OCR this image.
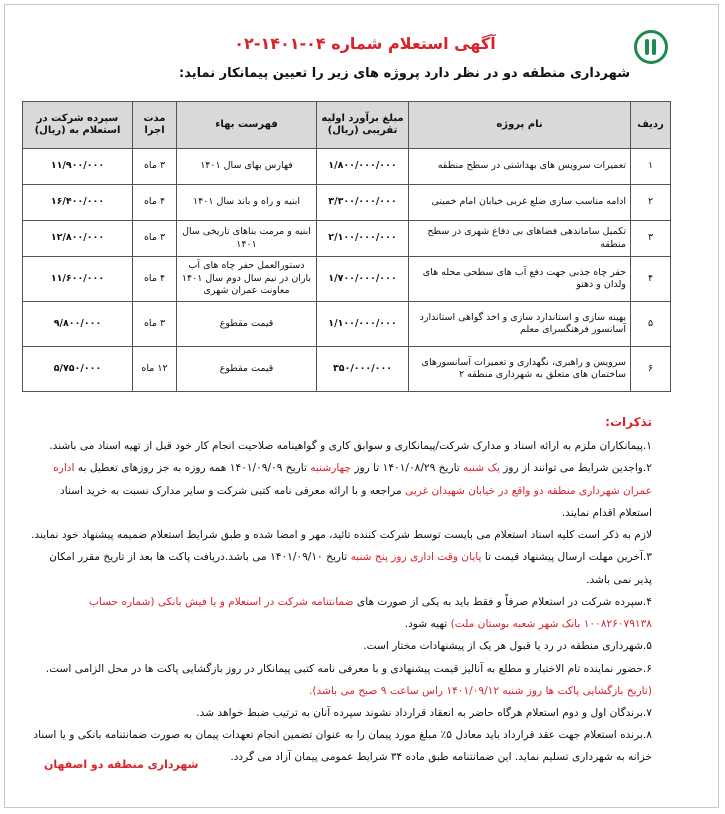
آگهی استعلام شماره ۰۴-۱۴۰۱-۰۲
شهرداری منطقه دو در نظر دارد پروژه های زیر را تعیین پیمانکار نماید:
ردیف	نام پروژه	مبلغ برآورد اولیه تقریبی (ریال)	فهرست بهاء	مدت اجرا	سپرده شرکت در استعلام به (ریال)
۱	تعمیرات سرویس های بهداشتی در سطح منطقه	۱/۸۰۰/۰۰۰/۰۰۰	فهارس بهای سال ۱۴۰۱	۳ ماه	۱۱/۹۰۰/۰۰۰
۲	ادامه مناسب سازی ضلع غربی خیابان امام خمینی	۳/۳۰۰/۰۰۰/۰۰۰	ابنیه و راه و باند سال ۱۴۰۱	۴ ماه	۱۶/۴۰۰/۰۰۰
۳	تکمیل ساماندهی فضاهای بی دفاع شهری در سطح منطقه	۲/۱۰۰/۰۰۰/۰۰۰	ابنیه و مرمت بناهای تاریخی سال ۱۴۰۱	۳ ماه	۱۲/۸۰۰/۰۰۰
۴	حفر چاه جذبی جهت دفع آب های سطحی محله های ولدان و دهنو	۱/۷۰۰/۰۰۰/۰۰۰	دستورالعمل حفر چاه های آب باران در نیم سال دوم سال ۱۴۰۱ معاونت عمران شهری	۴ ماه	۱۱/۶۰۰/۰۰۰
۵	بهینه سازی و استاندارد سازی و اخذ گواهی استاندارد آسانسور فرهنگسرای معلم	۱/۱۰۰/۰۰۰/۰۰۰	قیمت مقطوع	۳ ماه	۹/۸۰۰/۰۰۰
۶	سرویس و راهبری، نگهداری و تعمیرات آسانسورهای ساختمان های متعلق به شهرداری منطقه ۲	۳۵۰/۰۰۰/۰۰۰	قیمت مقطوع	۱۲ ماه	۵/۷۵۰/۰۰۰

تذکرات:

۱.پیمانکاران ملزم به ارائه اسناد و مدارک شرکت/پیمانکاری و سوابق کاری و گواهینامه صلاحیت انجام کار خود قبل از تهیه اسناد می باشند.

۲.واجدین شرایط می توانند از روز یک شنبه تاریخ ۱۴۰۱/۰۸/۲۹ تا روز چهارشنبه تاریخ ۱۴۰۱/۰۹/۰۹ همه روزه به جز روزهای تعطیل به اداره عمران شهرداری منطقه دو واقع در خیابان شهیدان غربی مراجعه و با ارائه معرفی نامه کتبی شرکت و سایر مدارک نسبت به خرید اسناد استعلام اقدام نمایند.

لازم به ذکر است کلیه اسناد استعلام می بایست توسط شرکت کننده تائید، مهر و امضا شده و طبق شرایط استعلام ضمیمه پیشنهاد خود نمایند.

۳.آخرین مهلت ارسال پیشنهاد قیمت تا پایان وقت اداری روز پنج شنبه تاریخ ۱۴۰۱/۰۹/۱۰ می باشد.دریافت پاکت ها بعد از تاریخ مقرر امکان پذیر نمی باشد.

۴.سپرده شرکت در استعلام صرفاً و فقط باید به یکی از صورت های ضمانتنامه شرکت در استعلام و یا فیش بانکی (شماره حساب ۱۰۰۸۲۶۰۷۹۱۳۸ بانک شهر شعبه بوستان ملت) تهیه شود.

۵.شهرداری منطقه در رد یا قبول هر یک از پیشنهادات مختار است.

۶.حضور نماینده تام الاختیار و مطلع به آنالیز قیمت پیشنهادی و با معرفی نامه کتبی پیمانکار در روز بازگشایی پاکت ها در محل الزامی است. (تاریخ بازگشایی پاکت ها روز شنبه ۱۴۰۱/۰۹/۱۲ راس ساعت ۹ صبح می باشد).

۷.برندگان اول و دوم استعلام هرگاه حاضر به انعقاد قرارداد نشوند سپرده آنان به ترتیب ضبط خواهد شد.

۸.برنده استعلام جهت عقد قرارداد باید معادل ۵٪ مبلغ مورد پیمان را به عنوان تضمین انجام تعهدات پیمان به صورت ضمانتنامه بانکی و یا اسناد خزانه به شهرداری تسلیم نماید. این ضمانتنامه طبق ماده ۳۴ شرایط عمومی پیمان آزاد می گردد.

شهرداری منطقه دو اصفهان
